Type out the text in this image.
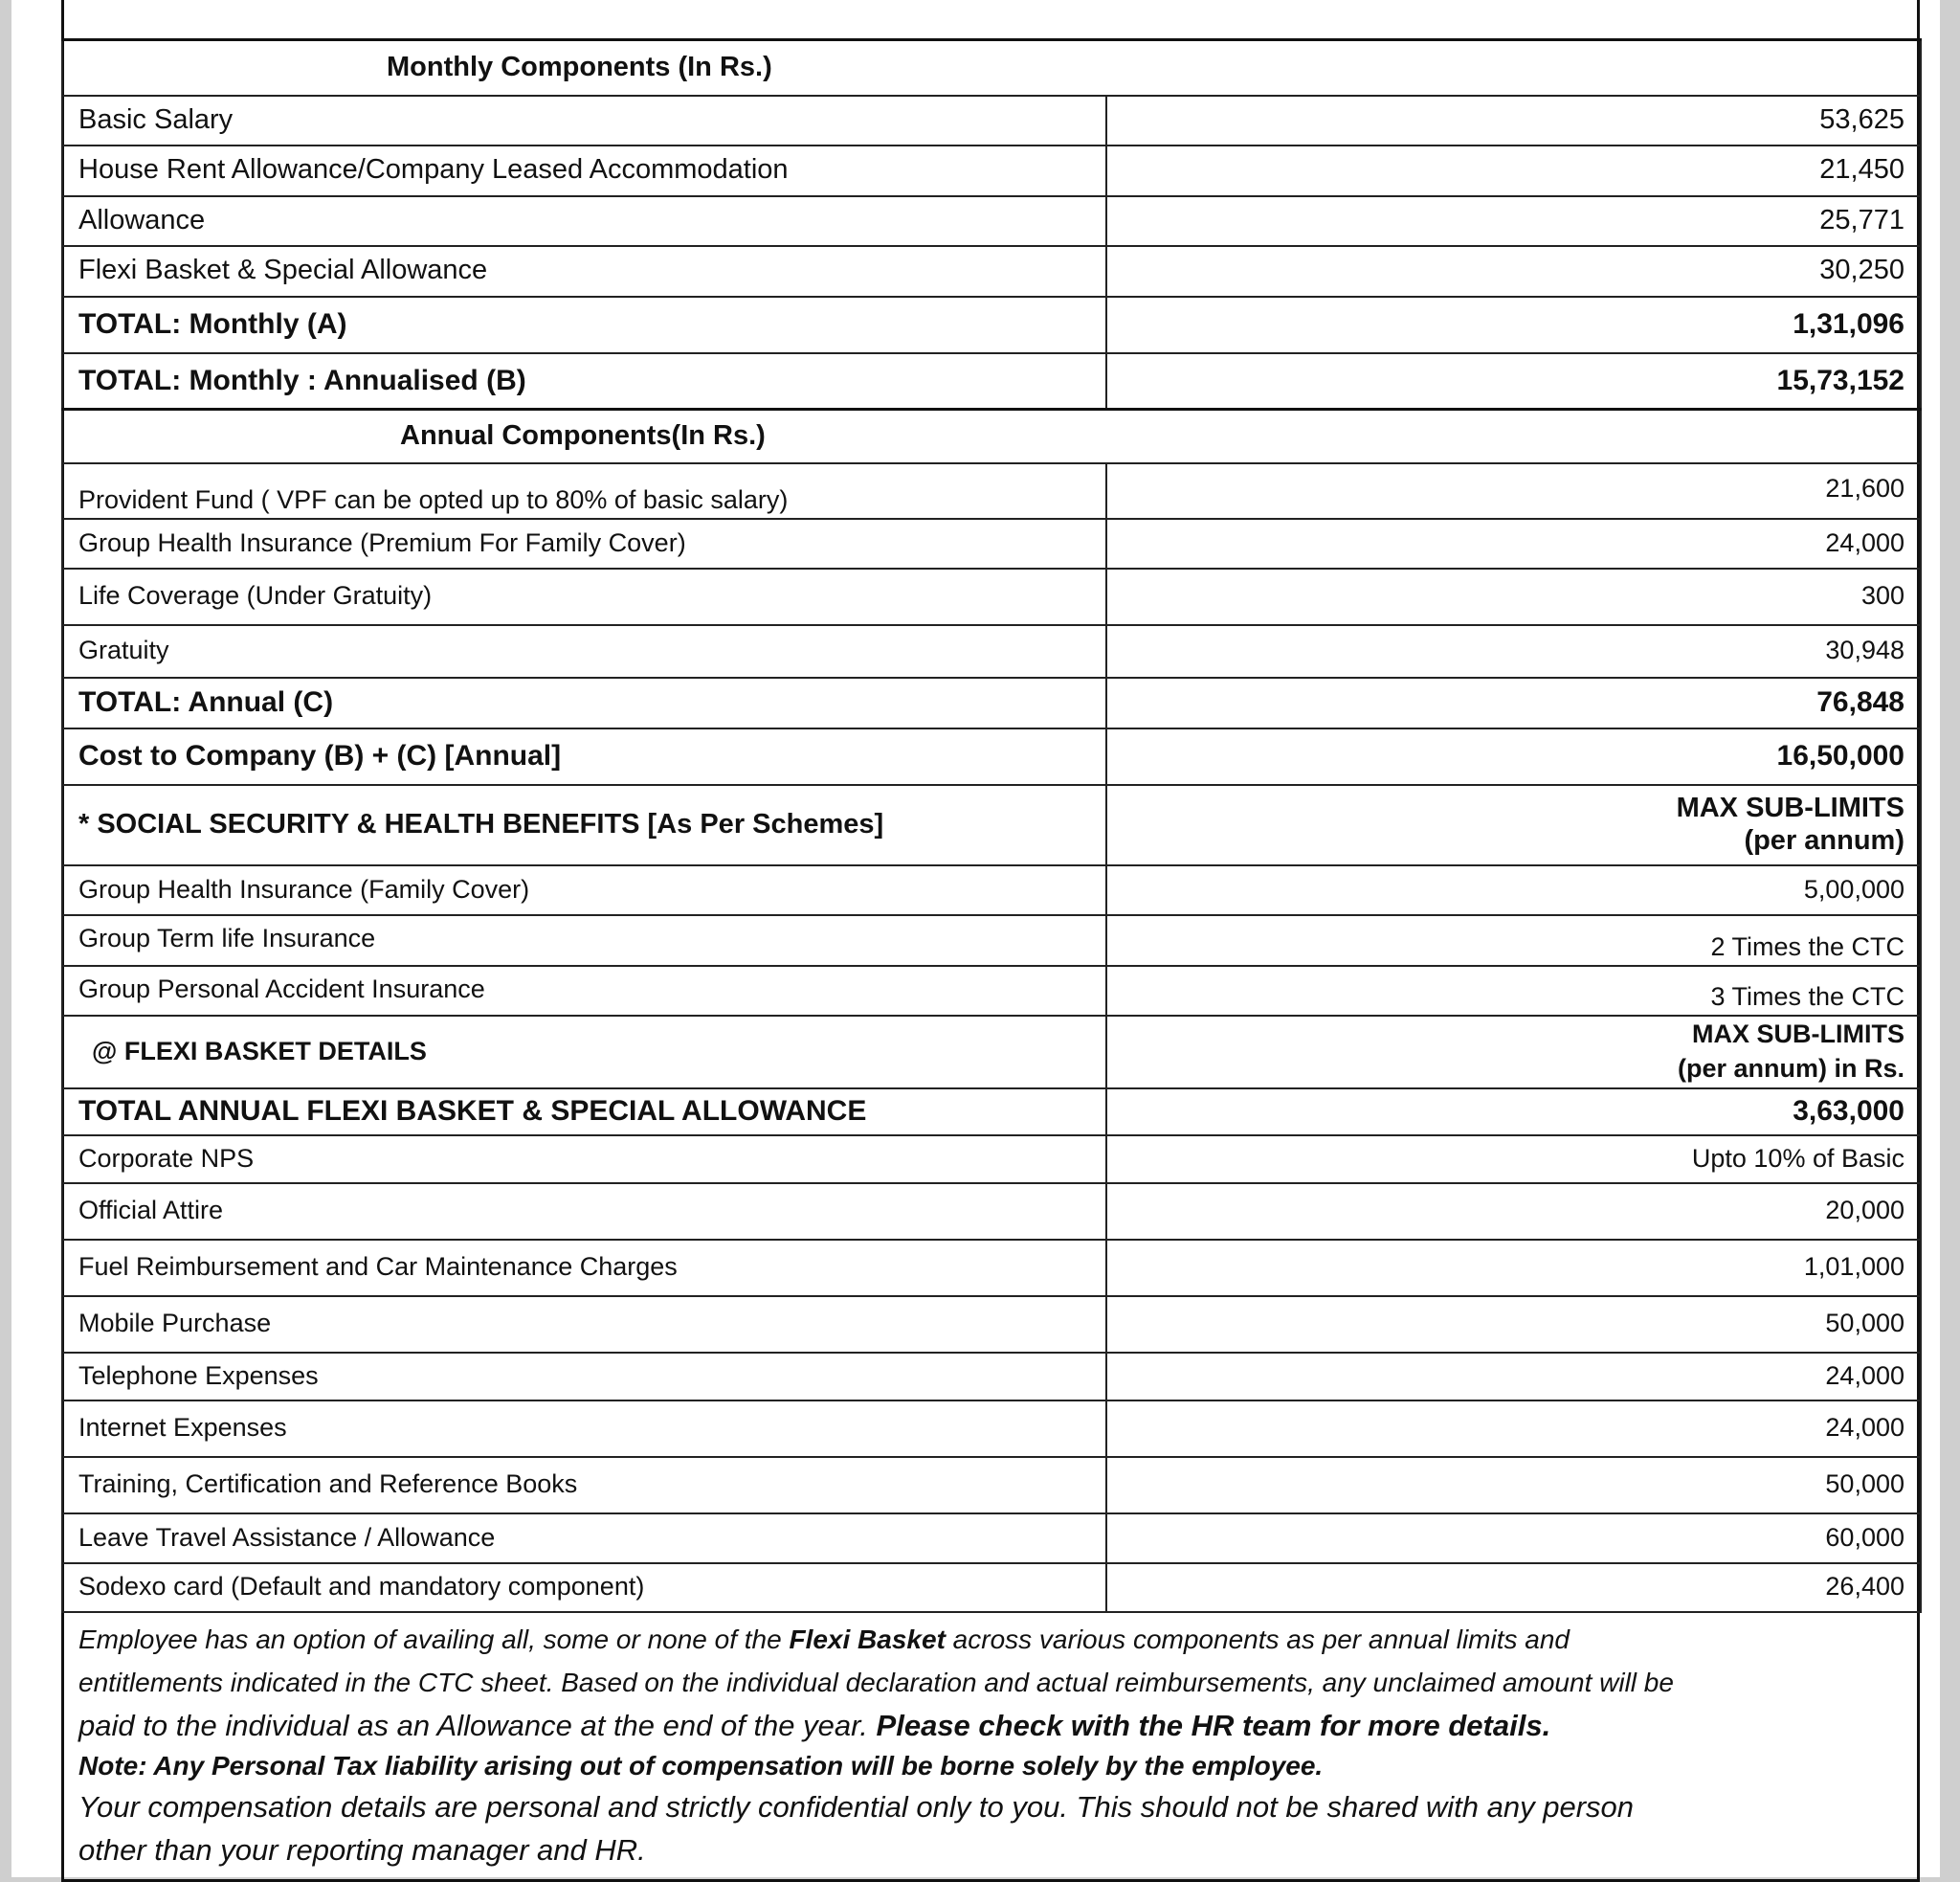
Monthly Components (In Rs.)	
Basic Salary	53,625
House Rent Allowance/Company Leased Accommodation	21,450
Allowance	25,771
Flexi Basket & Special Allowance	30,250
TOTAL: Monthly (A)	1,31,096
TOTAL: Monthly : Annualised (B)	15,73,152
Annual Components(In Rs.)	
Provident Fund ( VPF can be opted up to 80% of basic salary)	21,600
Group Health Insurance (Premium For Family Cover)	24,000
Life Coverage (Under Gratuity)	300
Gratuity	30,948
TOTAL: Annual (C)	76,848
Cost to Company (B) + (C) [Annual]	16,50,000
* SOCIAL SECURITY & HEALTH BENEFITS [As Per Schemes]	MAX SUB-LIMITS
(per annum)

Group Health Insurance (Family Cover)	5,00,000
Group Term life Insurance	2 Times the CTC
Group Personal Accident Insurance	3 Times the CTC
@ FLEXI BASKET DETAILS	MAX SUB-LIMITS
(per annum) in Rs.

TOTAL ANNUAL FLEXI BASKET & SPECIAL ALLOWANCE	3,63,000
Corporate NPS	Upto 10% of Basic
Official Attire	20,000
Fuel Reimbursement and Car Maintenance Charges	1,01,000
Mobile Purchase	50,000
Telephone Expenses	24,000
Internet Expenses	24,000
Training, Certification and Reference Books	50,000
Leave Travel Assistance / Allowance	60,000
Sodexo card (Default and mandatory component)	26,400

Employee has an option of availing all, some or none of the Flexi Basket across various components as per annual limits and

entitlements indicated in the CTC sheet. Based on the individual declaration and actual reimbursements, any unclaimed amount will be

paid to the individual as an Allowance at the end of the year. Please check with the HR team for more details.

Note: Any Personal Tax liability arising out of compensation will be borne solely by the employee.

Your compensation details are personal and strictly confidential only to you. This should not be shared with any person

other than your reporting manager and HR.
